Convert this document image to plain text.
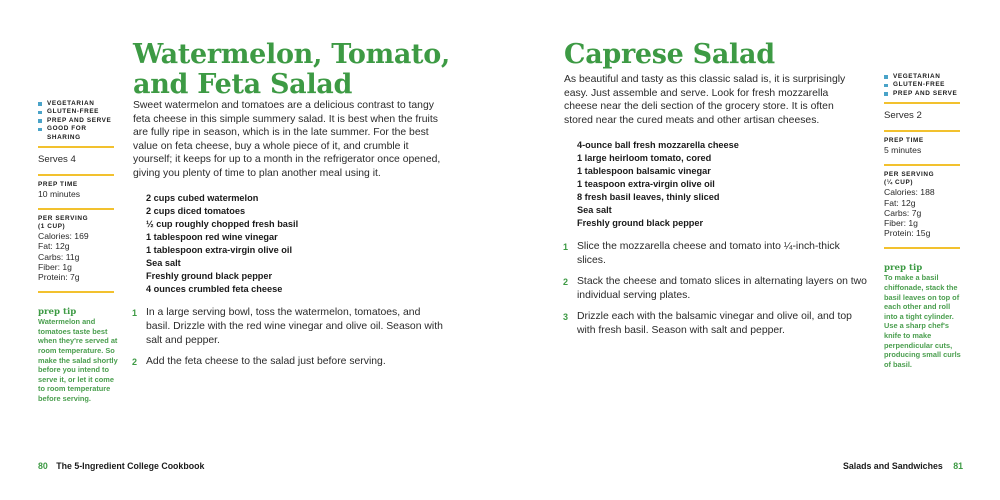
VEGETARIAN
GLUTEN-FREE
PREP AND SERVE
GOOD FOR SHARING
Serves 4
PREP TIME
10 minutes
PER SERVING
(1 CUP)
Calories: 169
Fat: 12g
Carbs: 11g
Fiber: 1g
Protein: 7g
prep tip
Watermelon and tomatoes taste best when they're served at room temperature. So make the salad shortly before you intend to serve it, or let it come to room temperature before serving.
Watermelon, Tomato,
and Feta Salad

Sweet watermelon and tomatoes are a delicious contrast to tangy feta cheese in this simple summery salad. It is best when the fruits are fully ripe in season, which is in the late summer. For the best value on feta cheese, buy a whole piece of it, and crumble it yourself; it keeps for up to a month in the refrigerator once opened, giving you plenty of time to plan another meal using it.

2 cups cubed watermelon
2 cups diced tomatoes
½ cup roughly chopped fresh basil
1 tablespoon red wine vinegar
1 tablespoon extra-virgin olive oil
Sea salt
Freshly ground black pepper
4 ounces crumbled feta cheese
1 In a large serving bowl, toss the watermelon, tomatoes, and basil. Drizzle with the red wine vinegar and olive oil. Season with salt and pepper.
2 Add the feta cheese to the salad just before serving.
80 The 5-Ingredient College Cookbook
Caprese Salad

As beautiful and tasty as this classic salad is, it is surprisingly easy. Just assemble and serve. Look for fresh mozzarella cheese near the deli section of the grocery store. It is often stored near the cured meats and other artisan cheeses.

4-ounce ball fresh mozzarella cheese
1 large heirloom tomato, cored
1 tablespoon balsamic vinegar
1 teaspoon extra-virgin olive oil
8 fresh basil leaves, thinly sliced
Sea salt
Freshly ground black pepper
1 Slice the mozzarella cheese and tomato into ¼-inch-thick slices.
2 Stack the cheese and tomato slices in alternating layers on two individual serving plates.
3 Drizzle each with the balsamic vinegar and olive oil, and top with fresh basil. Season with salt and pepper.
VEGETARIAN
GLUTEN-FREE
PREP AND SERVE
Serves 2
PREP TIME
5 minutes
PER SERVING
(¼ CUP)
Calories: 188
Fat: 12g
Carbs: 7g
Fiber: 1g
Protein: 15g
prep tip
To make a basil chiffonade, stack the basil leaves on top of each other and roll into a tight cylinder. Use a sharp chef's knife to make perpendicular cuts, producing small curls of basil.
Salads and Sandwiches 81
